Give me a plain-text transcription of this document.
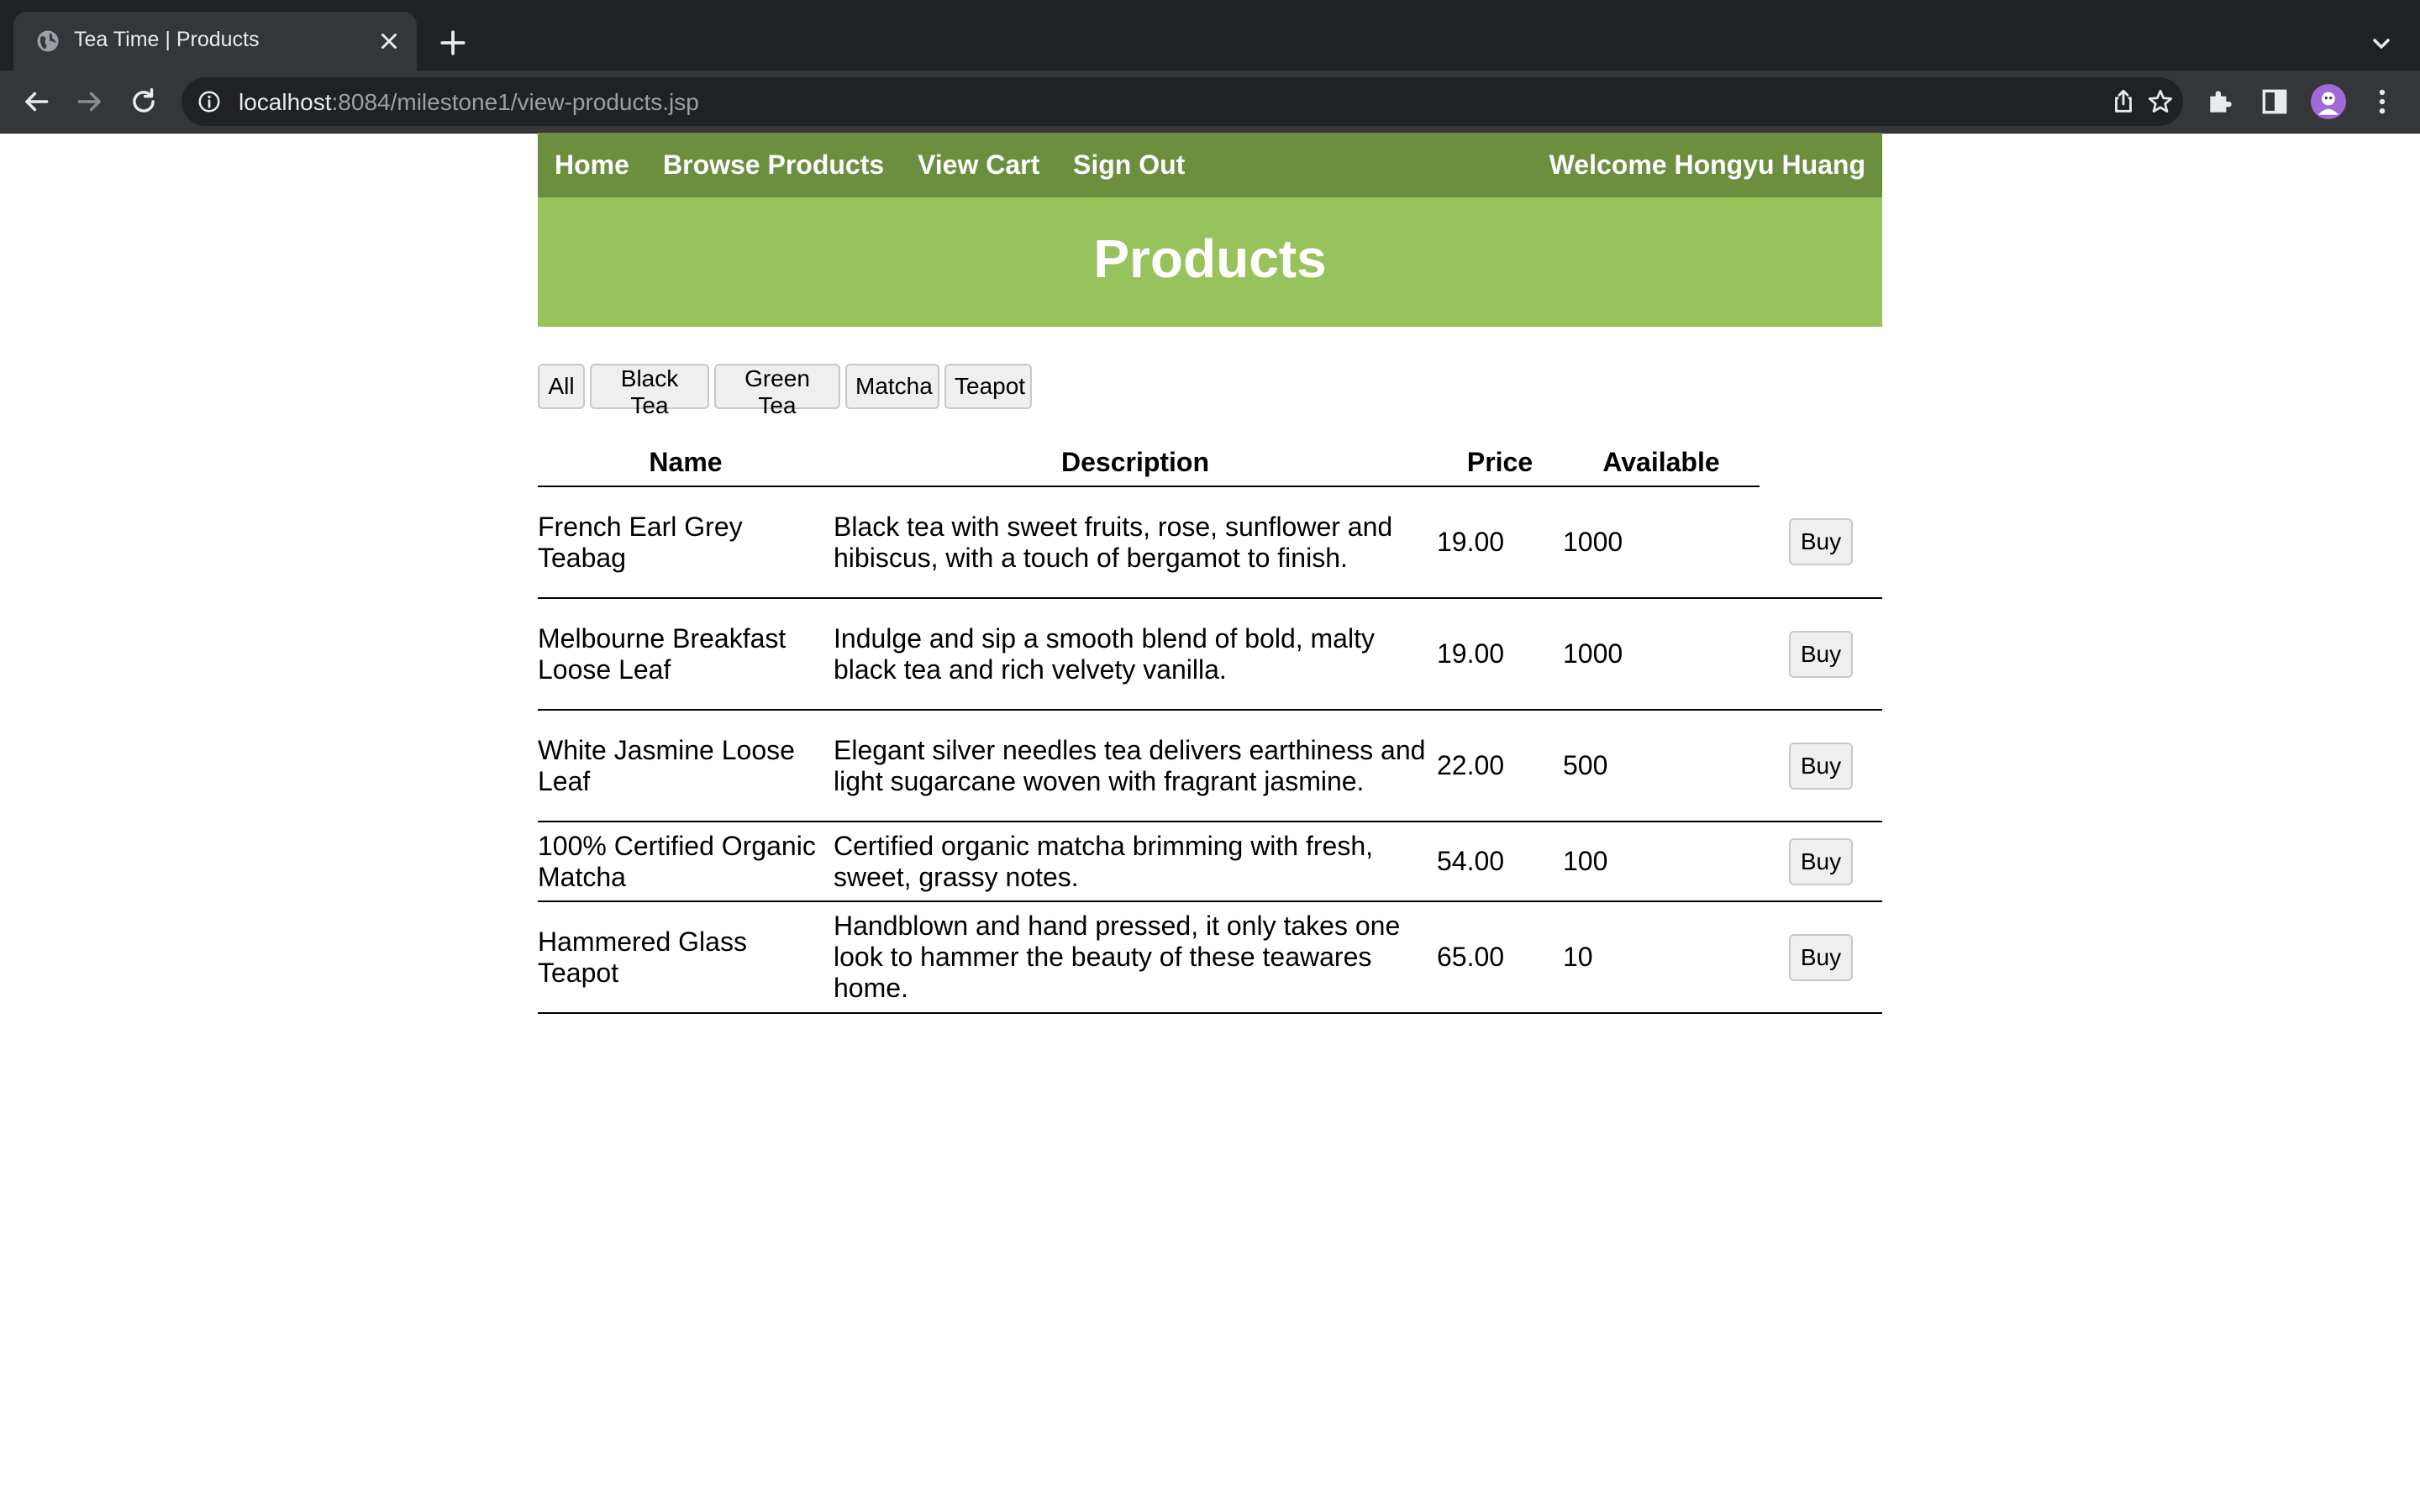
Tea Time | Products
localhost:8084/milestone1/view-products.jsp
Home Browse Products View Cart Sign Out	Welcome Hongyu Huang
Products
All	Black Tea
Green Tea
Matcha Teapot
Name	Description	Price	Available	
French Earl Grey Teabag	Black tea with sweet fruits, rose, sunflower and hibiscus, with a touch of bergamot to finish.	19.00	1000	Buy
Melbourne Breakfast Loose Leaf	Indulge and sip a smooth blend of bold, malty black tea and rich velvety vanilla.	19.00	1000	Buy
White Jasmine Loose Leaf	Elegant silver needles tea delivers earthiness and light sugarcane woven with fragrant jasmine.	22.00	500	Buy
100% Certified Organic Matcha	Certified organic matcha brimming with fresh, sweet, grassy notes.	54.00	100	Buy
Hammered Glass Teapot	Handblown and hand pressed, it only takes one look to hammer the beauty of these teawares home.	65.00	10	Buy
